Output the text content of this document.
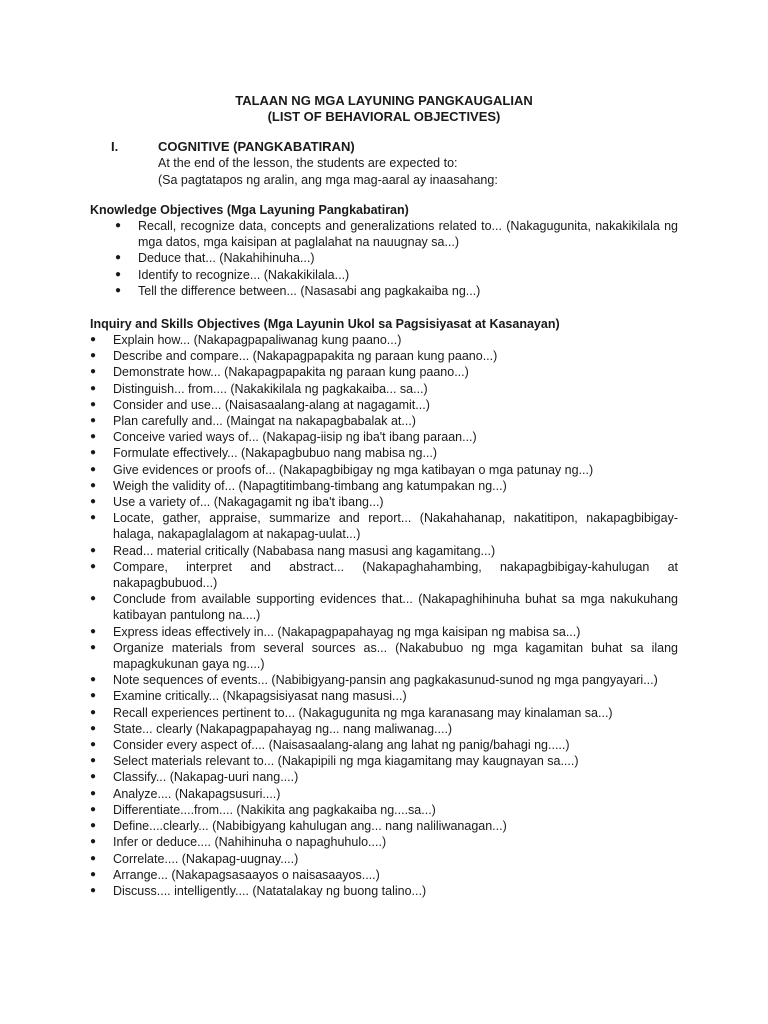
TALAAN NG MGA LAYUNING PANGKAUGALIAN
(LIST OF BEHAVIORAL OBJECTIVES)
I.	COGNITIVE (PANGKABATIRAN)
At the end of the lesson, the students are expected to:
(Sa pagtatapos ng aralin, ang mga mag-aaral ay inaasahang:
Knowledge Objectives (Mga Layuning Pangkabatiran)
●	Recall, recognize data, concepts and generalizations related to... (Nakagugunita, nakakikilala ng mga datos, mga kaisipan at paglalahat na nauugnay sa...)
●	Deduce that... (Nakahihinuha...)
●	Identify to recognize... (Nakakikilala...)
●	Tell the difference between... (Nasasabi ang pagkakaiba ng...)
Inquiry and Skills Objectives (Mga Layunin Ukol sa Pagsisiyasat at Kasanayan)
●	Explain how... (Nakapagpapaliwanag kung paano...)
●	Describe and compare... (Nakapagpapakita ng paraan kung paano...)
●	Demonstrate how... (Nakapagpapakita ng paraan kung paano...)
●	Distinguish... from.... (Nakakikilala ng pagkakaiba... sa...)
●	Consider and use... (Naisasaalang-alang at nagagamit...)
●	Plan carefully and... (Maingat na nakapagbabalak at...)
●	Conceive varied ways of... (Nakapag-iisip ng iba't ibang paraan...)
●	Formulate effectively... (Nakapagbubuo nang mabisa ng...)
●	Give evidences or proofs of... (Nakapagbibigay ng mga katibayan o mga patunay ng...)
●	Weigh the validity of... (Napagtitimbang-timbang ang katumpakan ng...)
●	Use a variety of... (Nakagagamit ng iba't ibang...)
●	Locate, gather, appraise, summarize and report... (Nakahahanap, nakatitipon, nakapagbibigay-halaga, nakapaglalagom at nakapag-uulat...)
●	Read... material critically (Nababasa nang masusi ang kagamitang...)
●	Compare, interpret and abstract... (Nakapaghahambing, nakapagbibigay-kahulugan at nakapagbubuod...)
●	Conclude from available supporting evidences that... (Nakapaghihinuha buhat sa mga nakukuhang katibayan pantulong na....)
●	Express ideas effectively in... (Nakapagpapahayag ng mga kaisipan ng mabisa sa...)
●	Organize materials from several sources as... (Nakabubuo ng mga kagamitan buhat sa ilang mapagkukunan gaya ng....)
●	Note sequences of events... (Nabibigyang-pansin ang pagkakasunud-sunod ng mga pangyayari...)
●	Examine critically... (Nkapagsisiyasat nang masusi...)
●	Recall experiences pertinent to... (Nakagugunita ng mga karanasang may kinalaman sa...)
●	State... clearly (Nakapagpapahayag ng... nang maliwanag....)
●	Consider every aspect of.... (Naisasaalang-alang ang lahat ng panig/bahagi ng.....)
●	Select materials relevant to... (Nakapipili ng mga kiagamitang may kaugnayan sa....)
●	Classify... (Nakapag-uuri nang....)
●	Analyze.... (Nakapagsusuri....)
●	Differentiate....from.... (Nakikita ang pagkakaiba ng....sa...)
●	Define....clearly... (Nabibigyang kahulugan ang... nang naliliwanagan...)
●	Infer or deduce.... (Nahihinuha o napaghuhulo....)
●	Correlate.... (Nakapag-uugnay....)
●	Arrange... (Nakapagsasaayos o naisasaayos....)
●	Discuss.... intelligently.... (Natatalakay ng buong talino...)
